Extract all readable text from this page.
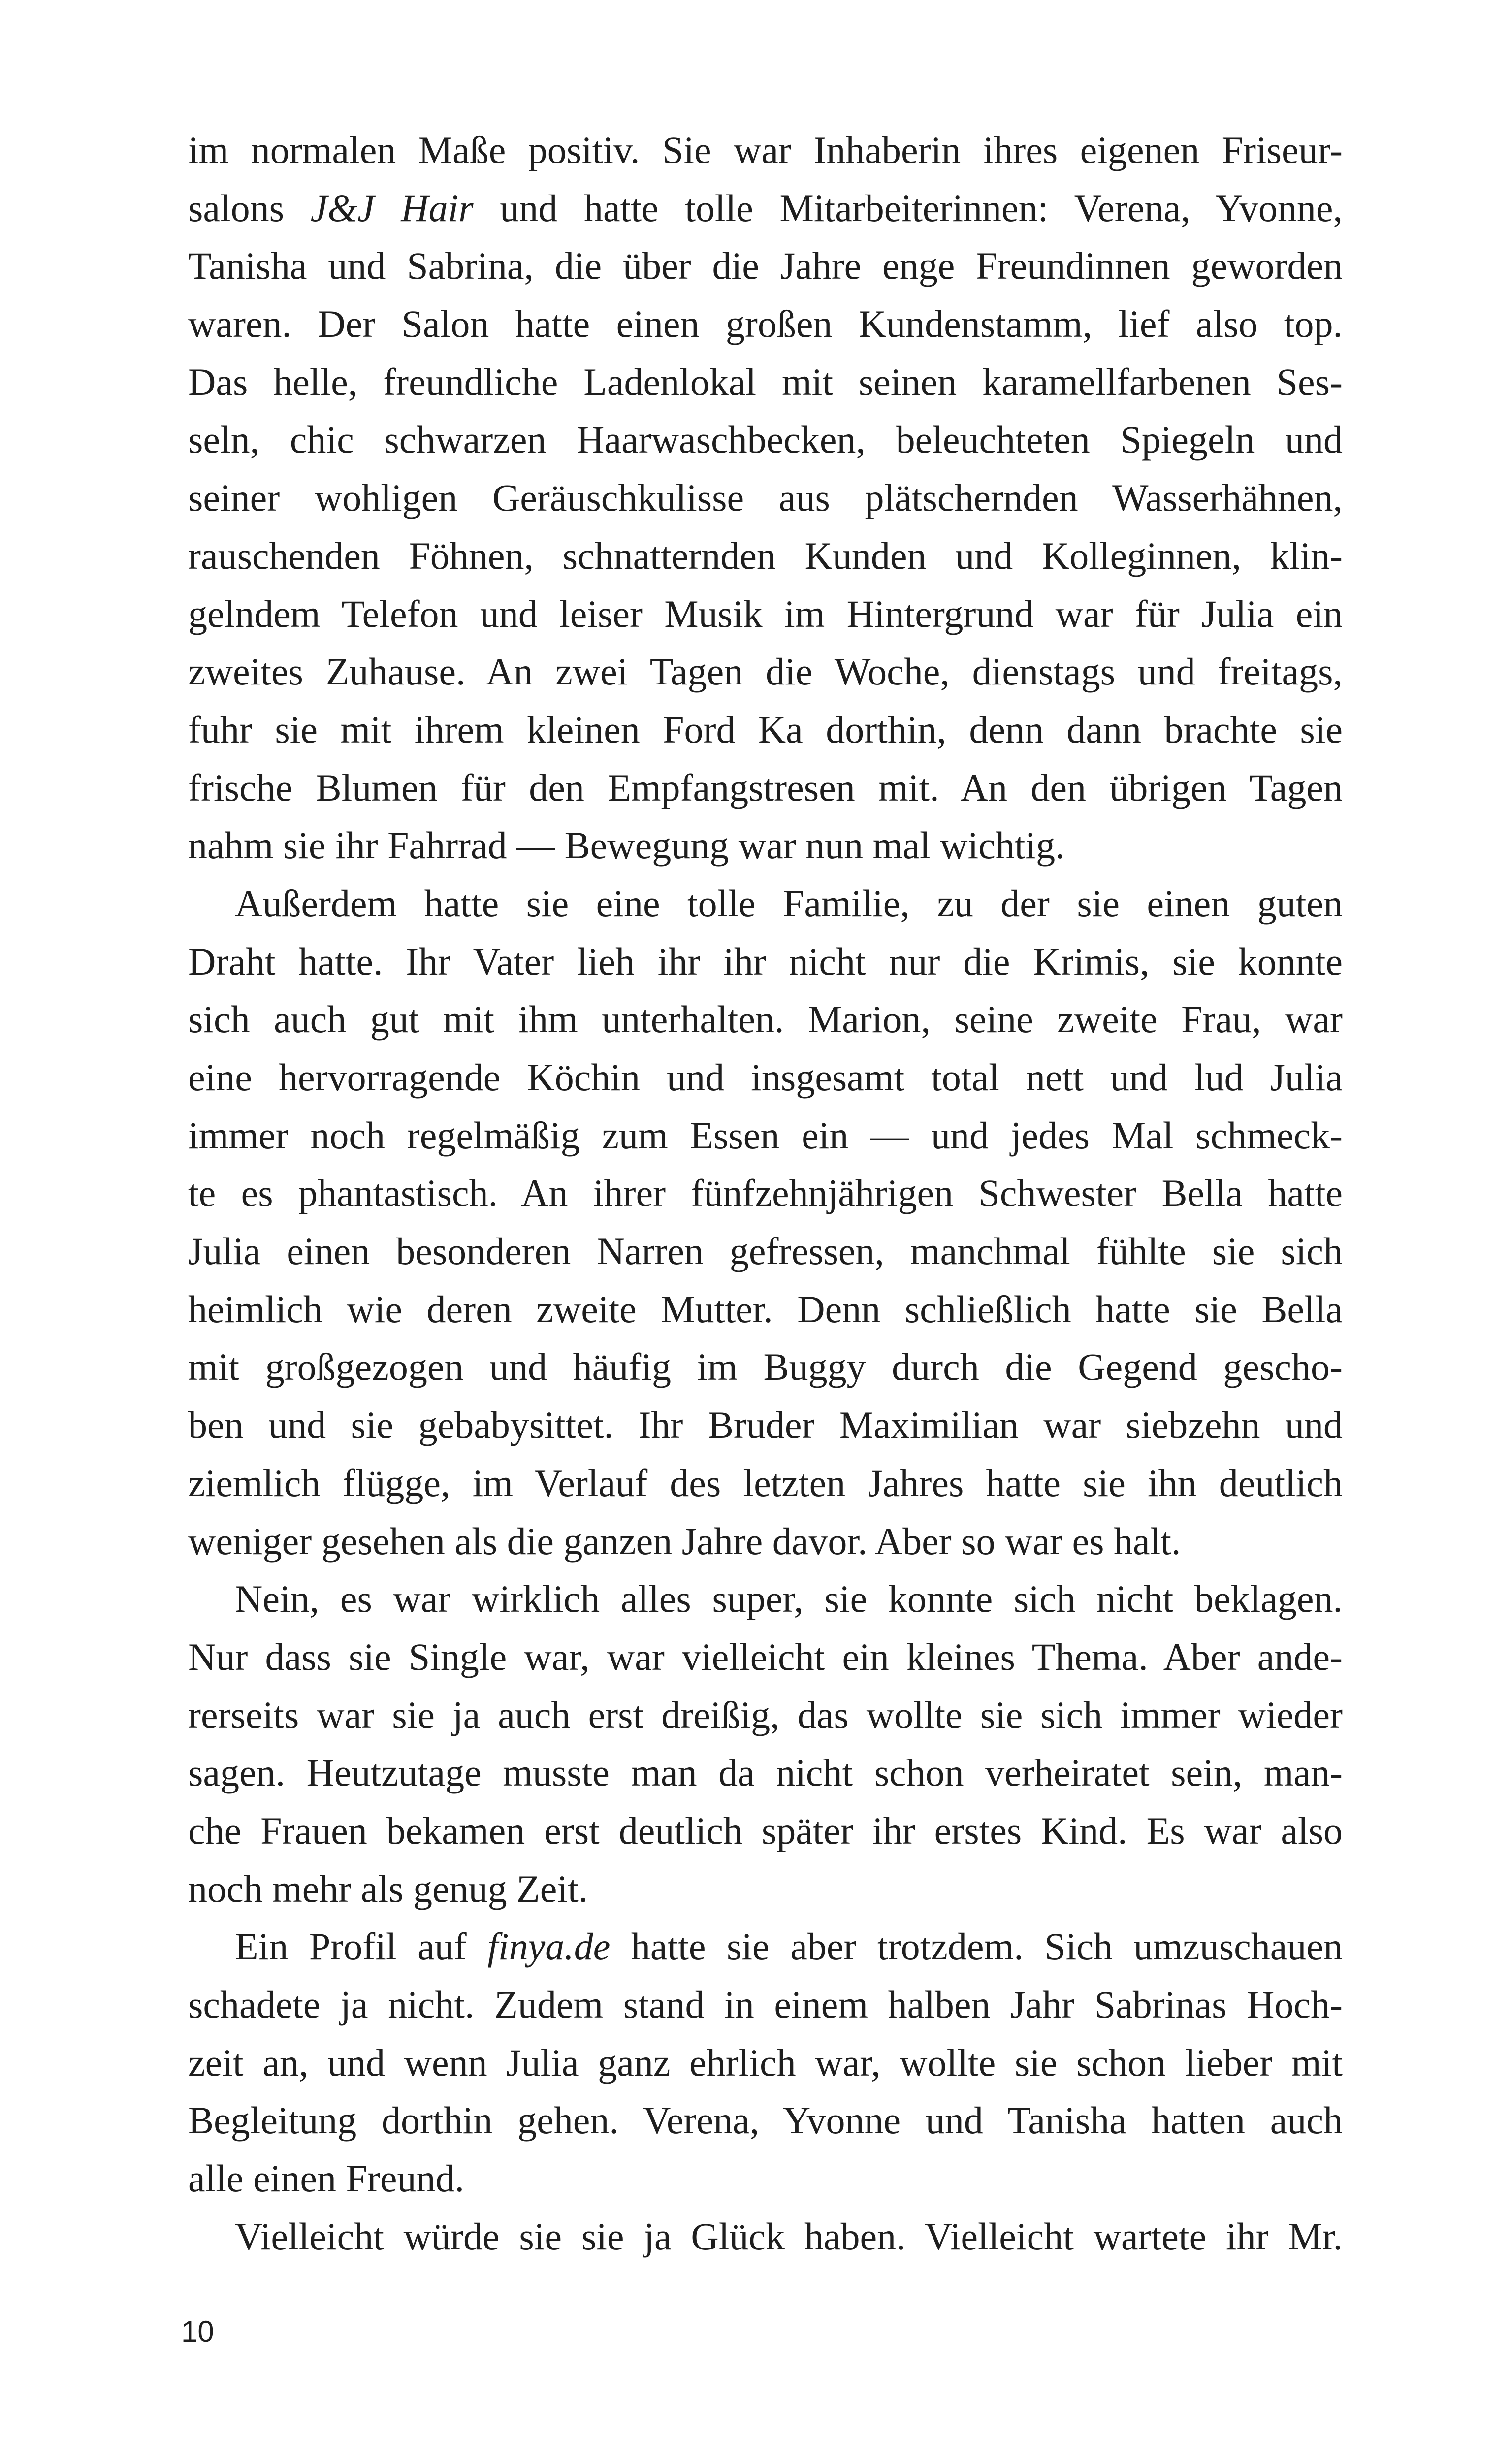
im normalen Maße positiv. Sie war Inhaberin ihres eigenen Friseur-
salons J&J Hair und hatte tolle Mitarbeiterinnen: Verena, Yvonne,
Tanisha und Sabrina, die über die Jahre enge Freundinnen geworden
waren. Der Salon hatte einen großen Kundenstamm, lief also top.
Das helle, freundliche Ladenlokal mit seinen karamellfarbenen Ses-
seln, chic schwarzen Haarwaschbecken, beleuchteten Spiegeln und
seiner wohligen Geräuschkulisse aus plätschernden Wasserhähnen,
rauschenden Föhnen, schnatternden Kunden und Kolleginnen, klin-
gelndem Telefon und leiser Musik im Hintergrund war für Julia ein
zweites Zuhause. An zwei Tagen die Woche, dienstags und freitags,
fuhr sie mit ihrem kleinen Ford Ka dorthin, denn dann brachte sie
frische Blumen für den Empfangstresen mit. An den übrigen Tagen
nahm sie ihr Fahrrad — Bewegung war nun mal wichtig.
Außerdem hatte sie eine tolle Familie, zu der sie einen guten
Draht hatte. Ihr Vater lieh ihr ihr nicht nur die Krimis, sie konnte
sich auch gut mit ihm unterhalten. Marion, seine zweite Frau, war
eine hervorragende Köchin und insgesamt total nett und lud Julia
immer noch regelmäßig zum Essen ein — und jedes Mal schmeck-
te es phantastisch. An ihrer fünfzehnjährigen Schwester Bella hatte
Julia einen besonderen Narren gefressen, manchmal fühlte sie sich
heimlich wie deren zweite Mutter. Denn schließlich hatte sie Bella
mit großgezogen und häufig im Buggy durch die Gegend gescho-
ben und sie gebabysittet. Ihr Bruder Maximilian war siebzehn und
ziemlich flügge, im Verlauf des letzten Jahres hatte sie ihn deutlich
weniger gesehen als die ganzen Jahre davor. Aber so war es halt.
Nein, es war wirklich alles super, sie konnte sich nicht beklagen.
Nur dass sie Single war, war vielleicht ein kleines Thema. Aber ande-
rerseits war sie ja auch erst dreißig, das wollte sie sich immer wieder
sagen. Heutzutage musste man da nicht schon verheiratet sein, man-
che Frauen bekamen erst deutlich später ihr erstes Kind. Es war also
noch mehr als genug Zeit.
Ein Profil auf finya.de hatte sie aber trotzdem. Sich umzuschauen
schadete ja nicht. Zudem stand in einem halben Jahr Sabrinas Hoch-
zeit an, und wenn Julia ganz ehrlich war, wollte sie schon lieber mit
Begleitung dorthin gehen. Verena, Yvonne und Tanisha hatten auch
alle einen Freund.
Vielleicht würde sie sie ja Glück haben. Vielleicht wartete ihr Mr.
10
